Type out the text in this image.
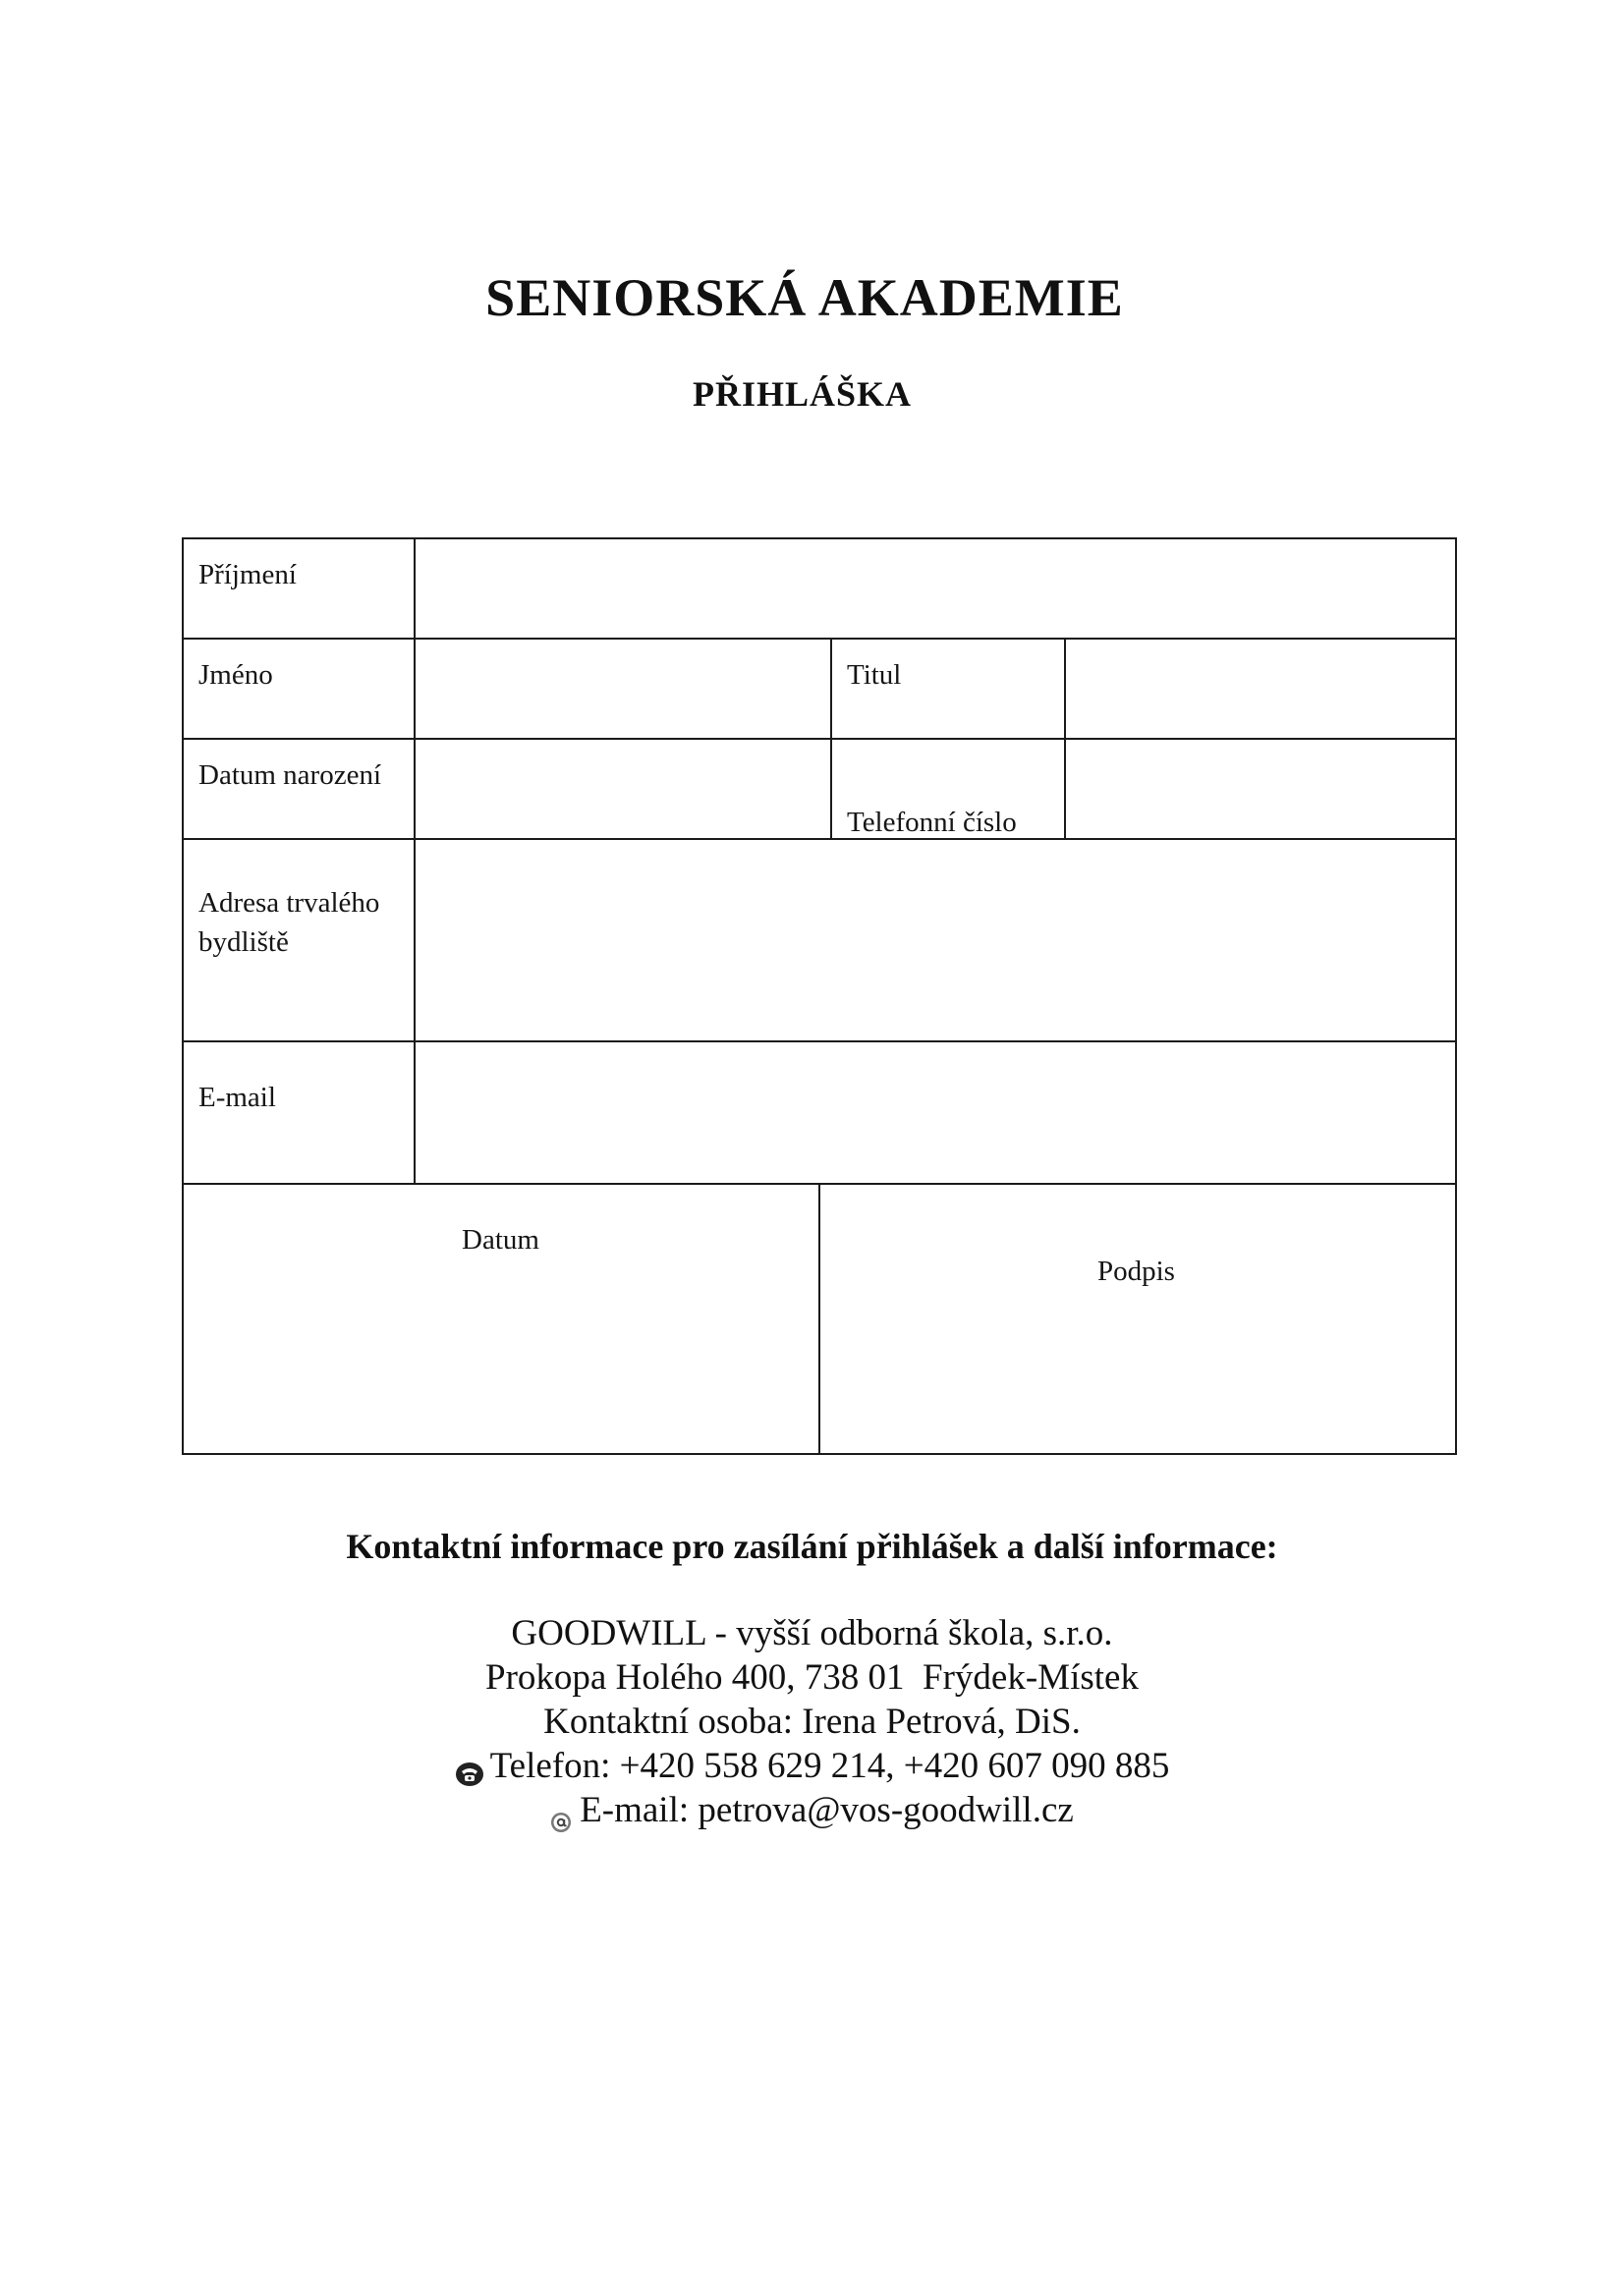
SENIORSKÁ AKADEMIE
PŘIHLÁŠKA
Příjmení
Jméno	Titul
Datum narození
Telefonní číslo
Adresa trvalého
bydliště
E-mail
Datum
Podpis
Kontaktní informace pro zasílání přihlášek a další informace:
GOODWILL - vyšší odborná škola, s.r.o.
Prokopa Holého 400, 738 01  Frýdek-Místek
Kontaktní osoba: Irena Petrová, DiS.
Telefon: +420 558 629 214, +420 607 090 885
E-mail: petrova@vos-goodwill.cz
